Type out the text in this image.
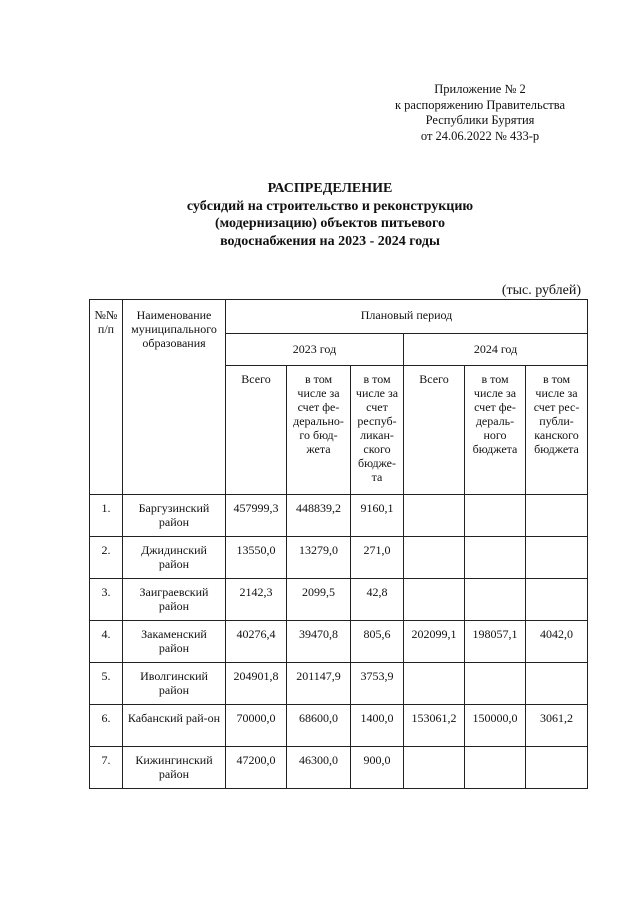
Приложение № 2
к распоряжению Правительства
Республики Бурятия
от 24.06.2022 № 433-р
РАСПРЕДЕЛЕНИЕ
субсидий на строительство и реконструкцию
(модернизацию) объектов питьевого
водоснабжения на 2023 - 2024 годы
(тыс. рублей)
№№ п/п	Наименование муниципального образования	Плановый период					
		2023 год			2024 год		
		Всего	в том числе за счет фе-дерально-го бюд-жета	в том числе за счет респуб-ликан-ского бюдже-та	Всего	в том числе за счет фе-дераль-ного бюджета	в том числе за счет рес-публи-канского бюджета
1.	Баргузинский район	457999,3	448839,2	9160,1			
2.	Джидинский район	13550,0	13279,0	271,0			
3.	Заиграевский район	2142,3	2099,5	42,8			
4.	Закаменский район	40276,4	39470,8	805,6	202099,1	198057,1	4042,0
5.	Иволгинский район	204901,8	201147,9	3753,9			
6.	Кабанский рай-он	70000,0	68600,0	1400,0	153061,2	150000,0	3061,2
7.	Кижингинский район	47200,0	46300,0	900,0			
